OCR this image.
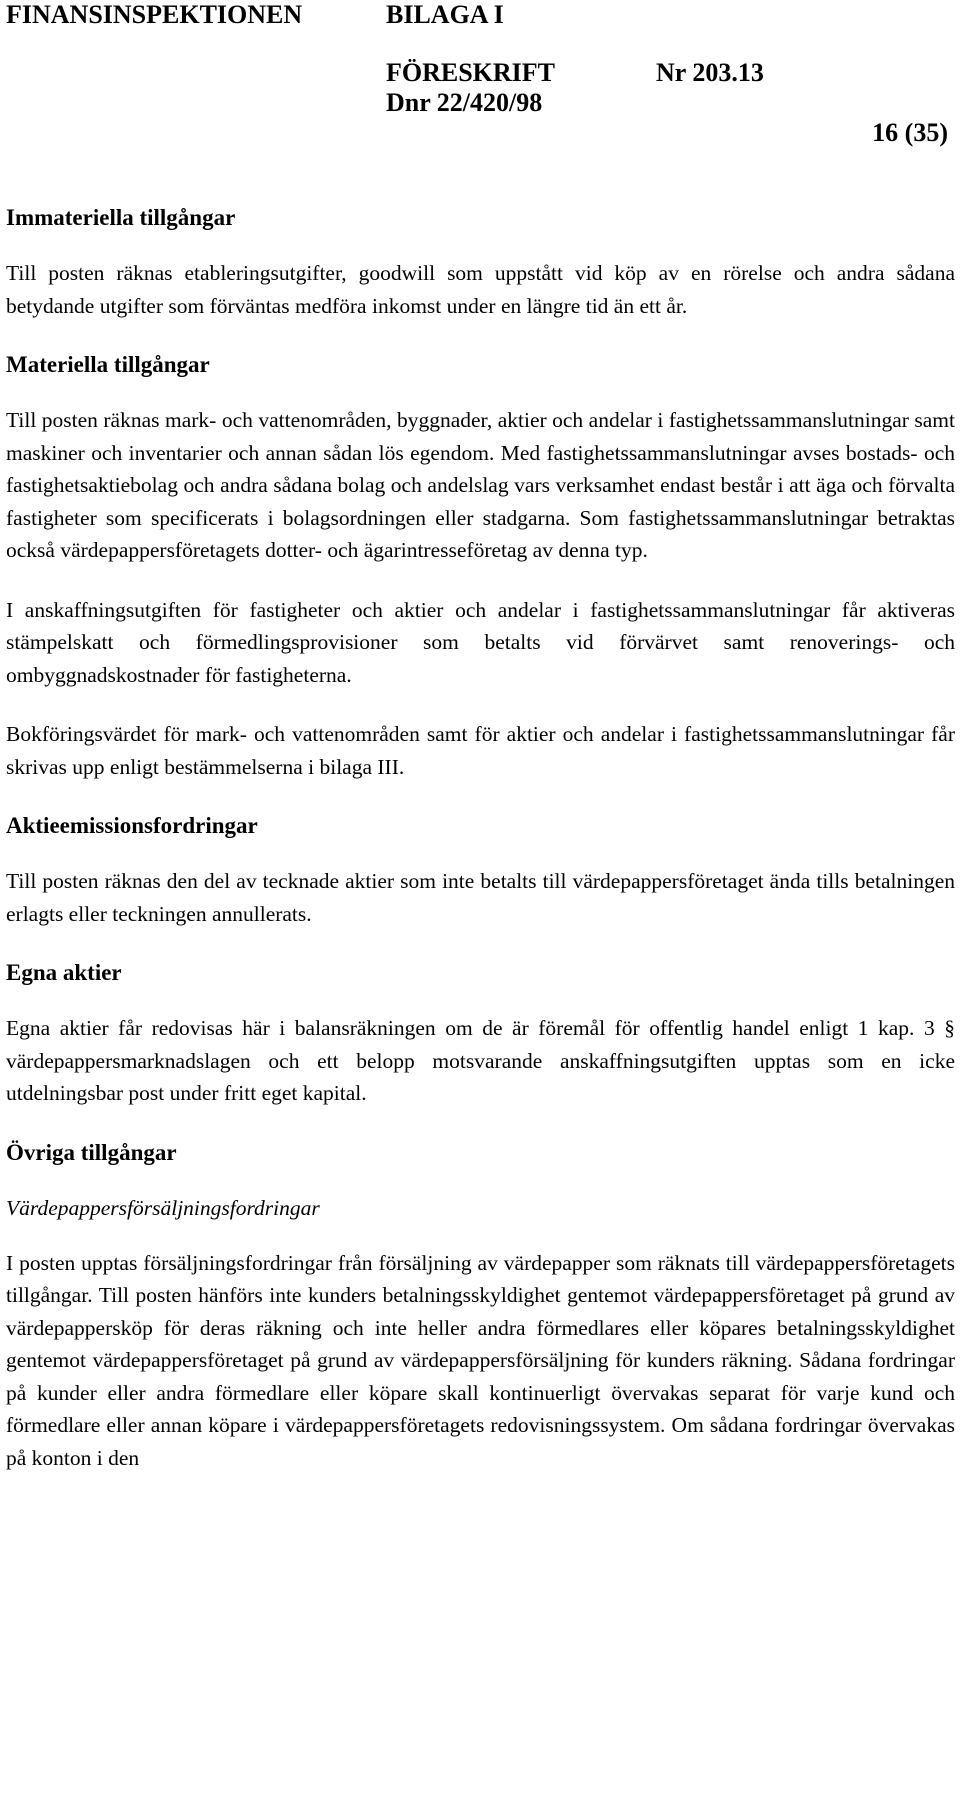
FINANSINSPEKTIONEN	BILAGA I
FÖRESKRIFT	Nr 203.13
Dnr 22/420/98
16 (35)
Immateriella tillgångar

Till posten räknas etableringsutgifter, goodwill som uppstått vid köp av en rörelse och andra sådana betydande utgifter som förväntas medföra inkomst under en längre tid än ett år.

Materiella tillgångar

Till posten räknas mark- och vattenområden, byggnader, aktier och andelar i fastighetssammanslutningar samt maskiner och inventarier och annan sådan lös egendom. Med fastighetssammanslutningar avses bostads- och fastighetsaktiebolag och andra sådana bolag och andelslag vars verksamhet endast består i att äga och förvalta fastigheter som specificerats i bolagsordningen eller stadgarna. Som fastighetssammanslutningar betraktas också värdepappersföretagets dotter- och ägarintresseföretag av denna typ.

I anskaffningsutgiften för fastigheter och aktier och andelar i fastighetssammanslutningar får aktiveras stämpelskatt och förmedlingsprovisioner som betalts vid förvärvet samt renoverings- och ombyggnadskostnader för fastigheterna.

Bokföringsvärdet för mark- och vattenområden samt för aktier och andelar i fastighetssammanslutningar får skrivas upp enligt bestämmelserna i bilaga III.

Aktieemissionsfordringar

Till posten räknas den del av tecknade aktier som inte betalts till värdepappersföretaget ända tills betalningen erlagts eller teckningen annullerats.

Egna aktier

Egna aktier får redovisas här i balansräkningen om de är föremål för offentlig handel enligt 1 kap. 3 § värdepappersmarknadslagen och ett belopp motsvarande anskaffningsutgiften upptas som en icke utdelningsbar post under fritt eget kapital.

Övriga tillgångar
Värdepappersförsäljningsfordringar

I posten upptas försäljningsfordringar från försäljning av värdepapper som räknats till värdepappersföretagets tillgångar. Till posten hänförs inte kunders betalningsskyldighet gentemot värdepappersföretaget på grund av värdepappersköp för deras räkning och inte heller andra förmedlares eller köpares betalningsskyldighet gentemot värdepappersföretaget på grund av värdepappersförsäljning för kunders räkning. Sådana fordringar på kunder eller andra förmedlare eller köpare skall kontinuerligt övervakas separat för varje kund och förmedlare eller annan köpare i värdepappersföretagets redovisningssystem. Om sådana fordringar övervakas på konton i den
